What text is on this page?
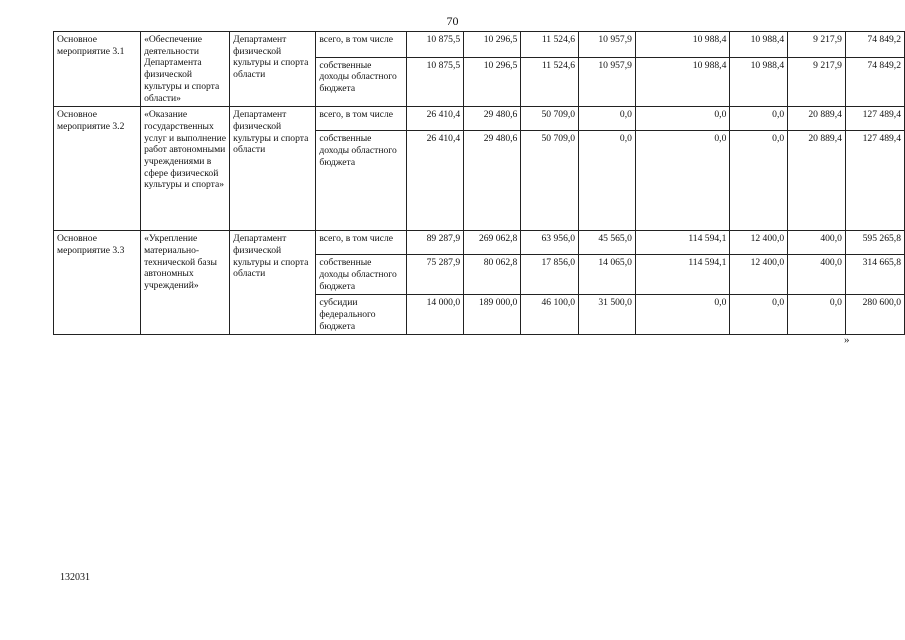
70
Основное мероприятие 3.1	«Обеспечение деятельности Департамента физической культуры и спорта области»	Департамент физической культуры и спорта области	всего, в том числе	10 875,5	10 296,5	11 524,6	10 957,9	10 988,4	10 988,4	9 217,9	74 849,2
			собственные доходы областного бюджета	10 875,5	10 296,5	11 524,6	10 957,9	10 988,4	10 988,4	9 217,9	74 849,2
Основное мероприятие 3.2	«Оказание государственных услуг и выполнение работ автономными учреждениями в сфере физической культуры и спорта»	Департамент физической культуры и спорта области	всего, в том числе	26 410,4	29 480,6	50 709,0	0,0	0,0	0,0	20 889,4	127 489,4
			собственные доходы областного бюджета	26 410,4	29 480,6	50 709,0	0,0	0,0	0,0	20 889,4	127 489,4
Основное мероприятие 3.3	«Укрепление материально-технической базы автономных учреждений»	Департамент физической культуры и спорта области	всего, в том числе	89 287,9	269 062,8	63 956,0	45 565,0	114 594,1	12 400,0	400,0	595 265,8
			собственные доходы областного бюджета	75 287,9	80 062,8	17 856,0	14 065,0	114 594,1	12 400,0	400,0	314 665,8
			субсидии федерального бюджета	14 000,0	189 000,0	46 100,0	31 500,0	0,0	0,0	0,0	280 600,0
»
132031
